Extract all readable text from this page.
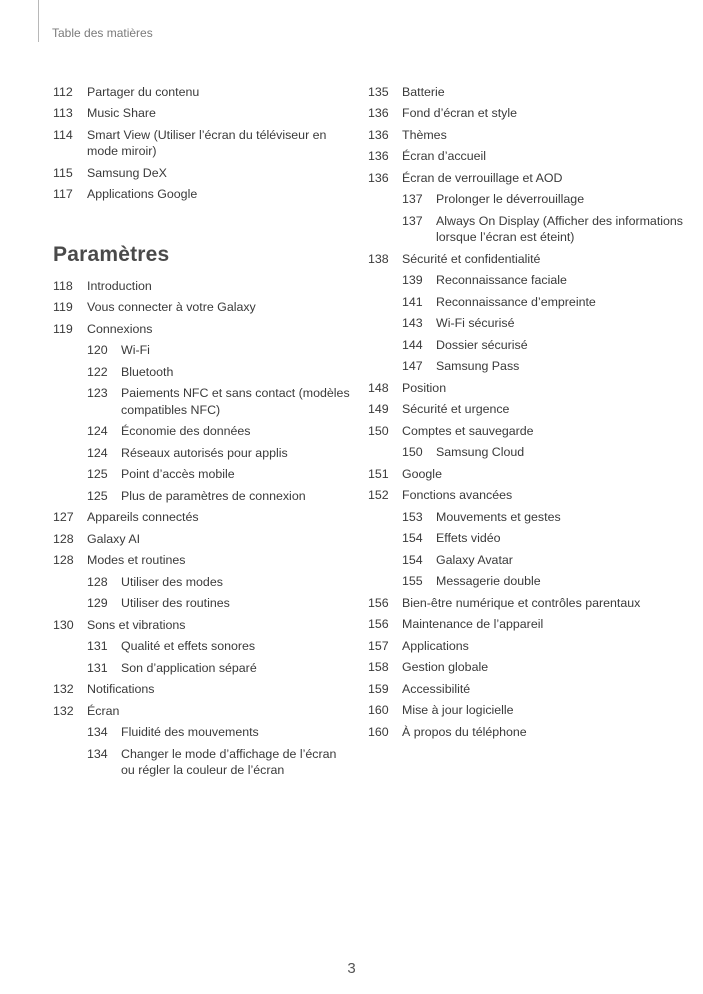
Table des matières
112	Partager du contenu
113	Music Share
114	Smart View (Utiliser l’écran du téléviseur en mode miroir)
115	Samsung DeX
117	Applications Google
Paramètres
118	Introduction
119	Vous connecter à votre Galaxy
119	Connexions
120	Wi-Fi
122	Bluetooth
123	Paiements NFC et sans contact (modèles compatibles NFC)
124	Économie des données
124	Réseaux autorisés pour applis
125	Point d’accès mobile
125	Plus de paramètres de connexion
127	Appareils connectés
128	Galaxy AI
128	Modes et routines
128	Utiliser des modes
129	Utiliser des routines
130	Sons et vibrations
131	Qualité et effets sonores
131	Son d’application séparé
132	Notifications
132	Écran
134	Fluidité des mouvements
134	Changer le mode d’affichage de l’écran ou régler la couleur de l’écran
135	Batterie
136	Fond d’écran et style
136	Thèmes
136	Écran d’accueil
136	Écran de verrouillage et AOD
137	Prolonger le déverrouillage
137	Always On Display (Afficher des informations lorsque l’écran est éteint)
138	Sécurité et confidentialité
139	Reconnaissance faciale
141	Reconnaissance d’empreinte
143	Wi-Fi sécurisé
144	Dossier sécurisé
147	Samsung Pass
148	Position
149	Sécurité et urgence
150	Comptes et sauvegarde
150	Samsung Cloud
151	Google
152	Fonctions avancées
153	Mouvements et gestes
154	Effets vidéo
154	Galaxy Avatar
155	Messagerie double
156	Bien-être numérique et contrôles parentaux
156	Maintenance de l’appareil
157	Applications
158	Gestion globale
159	Accessibilité
160	Mise à jour logicielle
160	À propos du téléphone
3
